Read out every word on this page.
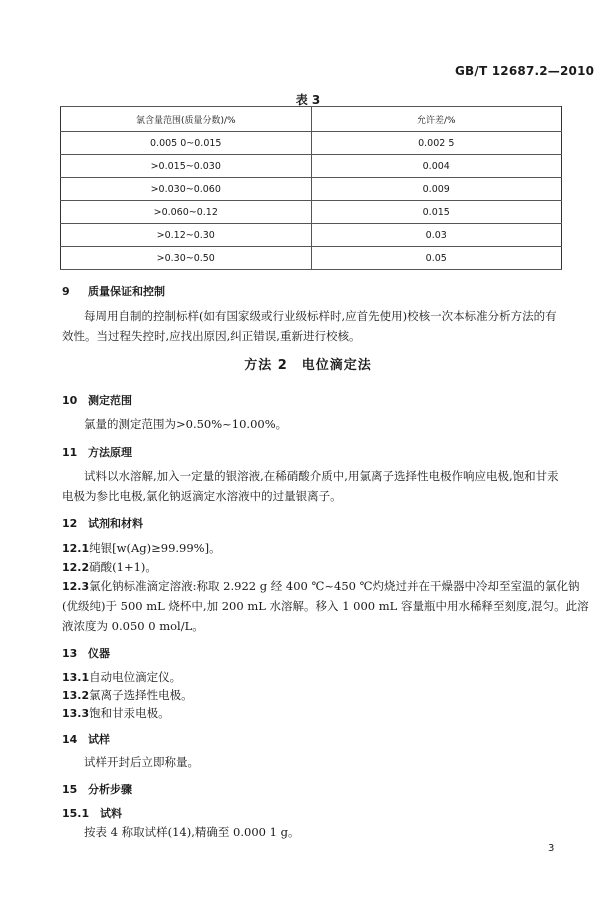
GB/T 12687.2—2010
表 3
氯含量范围(质量分数)/%	允许差/%
0.005 0~0.015	0.002 5
>0.015~0.030	0.004
>0.030~0.060	0.009
>0.060~0.12	0.015
>0.12~0.30	0.03
>0.30~0.50	0.05
9 质量保证和控制
每周用自制的控制标样(如有国家级或行业级标样时,应首先使用)校核一次本标准分析方法的有
效性。当过程失控时,应找出原因,纠正错误,重新进行校核。
方法 2　电位滴定法
10 测定范围
氯量的测定范围为>0.50%~10.00%。
11 方法原理
试料以水溶解,加入一定量的银溶液,在稀硝酸介质中,用氯离子选择性电极作响应电极,饱和甘汞
电极为参比电极,氯化钠返滴定水溶液中的过量银离子。
12 试剂和材料
12.1纯银[w(Ag)≥99.99%]。
12.2硝酸(1+1)。
12.3氯化钠标准滴定溶液:称取 2.922 g 经 400 ℃~450 ℃灼烧过并在干燥器中冷却至室温的氯化钠
(优级纯)于 500 mL 烧杯中,加 200 mL 水溶解。移入 1 000 mL 容量瓶中用水稀释至刻度,混匀。此溶
液浓度为 0.050 0 mol/L。
13 仪器
13.1自动电位滴定仪。
13.2氯离子选择性电极。
13.3饱和甘汞电极。
14 试样
试样开封后立即称量。
15 分析步骤
15.1 试料
按表 4 称取试样(14),精确至 0.000 1 g。
3
